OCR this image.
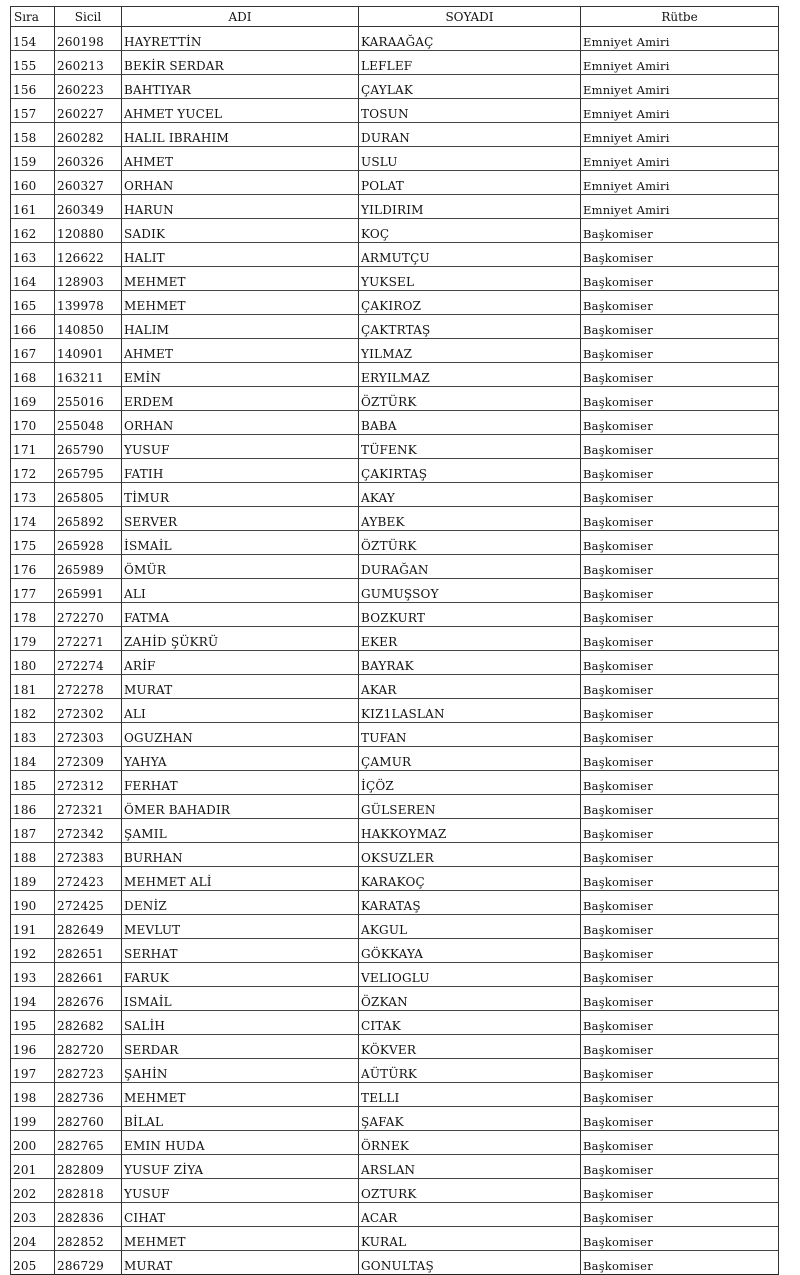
Sıra	Sicil	ADI	SOYADI	Rütbe
154	260198	HAYRETTİN	KARAAĞAÇ	Emniyet Amiri
155	260213	BEKİR SERDAR	LEFLEF	Emniyet Amiri
156	260223	BAHTIYAR	ÇAYLAK	Emniyet Amiri
157	260227	AHMET YUCEL	TOSUN	Emniyet Amiri
158	260282	HALIL IBRAHIM	DURAN	Emniyet Amiri
159	260326	AHMET	USLU	Emniyet Amiri
160	260327	ORHAN	POLAT	Emniyet Amiri
161	260349	HARUN	YILDIRIM	Emniyet Amiri
162	120880	SADIK	KOÇ	Başkomiser
163	126622	HALIT	ARMUTÇU	Başkomiser
164	128903	MEHMET	YUKSEL	Başkomiser
165	139978	MEHMET	ÇAKIROZ	Başkomiser
166	140850	HALIM	ÇAKTRTAŞ	Başkomiser
167	140901	AHMET	YILMAZ	Başkomiser
168	163211	EMİN	ERYILMAZ	Başkomiser
169	255016	ERDEM	ÖZTÜRK	Başkomiser
170	255048	ORHAN	BABA	Başkomiser
171	265790	YUSUF	TÜFENK	Başkomiser
172	265795	FATIH	ÇAKIRTAŞ	Başkomiser
173	265805	TİMUR	AKAY	Başkomiser
174	265892	SERVER	AYBEK	Başkomiser
175	265928	İSMAİL	ÖZTÜRK	Başkomiser
176	265989	ÖMÜR	DURAĞAN	Başkomiser
177	265991	ALI	GUMUŞSOY	Başkomiser
178	272270	FATMA	BOZKURT	Başkomiser
179	272271	ZAHİD ŞÜKRÜ	EKER	Başkomiser
180	272274	ARİF	BAYRAK	Başkomiser
181	272278	MURAT	AKAR	Başkomiser
182	272302	ALI	KIZ1LASLAN	Başkomiser
183	272303	OGUZHAN	TUFAN	Başkomiser
184	272309	YAHYA	ÇAMUR	Başkomiser
185	272312	FERHAT	İÇÖZ	Başkomiser
186	272321	ÖMER BAHADIR	GÜLSEREN	Başkomiser
187	272342	ŞAMIL	HAKKOYMAZ	Başkomiser
188	272383	BURHAN	OKSUZLER	Başkomiser
189	272423	MEHMET ALİ	KARAKOÇ	Başkomiser
190	272425	DENİZ	KARATAŞ	Başkomiser
191	282649	MEVLUT	AKGUL	Başkomiser
192	282651	SERHAT	GÖKKAYA	Başkomiser
193	282661	FARUK	VELIOGLU	Başkomiser
194	282676	ISMAİL	ÖZKAN	Başkomiser
195	282682	SALİH	CITAK	Başkomiser
196	282720	SERDAR	KÖKVER	Başkomiser
197	282723	ŞAHİN	AÜTÜRK	Başkomiser
198	282736	MEHMET	TELLI	Başkomiser
199	282760	BİLAL	ŞAFAK	Başkomiser
200	282765	EMIN HUDA	ÖRNEK	Başkomiser
201	282809	YUSUF ZİYA	ARSLAN	Başkomiser
202	282818	YUSUF	OZTURK	Başkomiser
203	282836	CIHAT	ACAR	Başkomiser
204	282852	MEHMET	KURAL	Başkomiser
205	286729	MURAT	GONULTAŞ	Başkomiser
